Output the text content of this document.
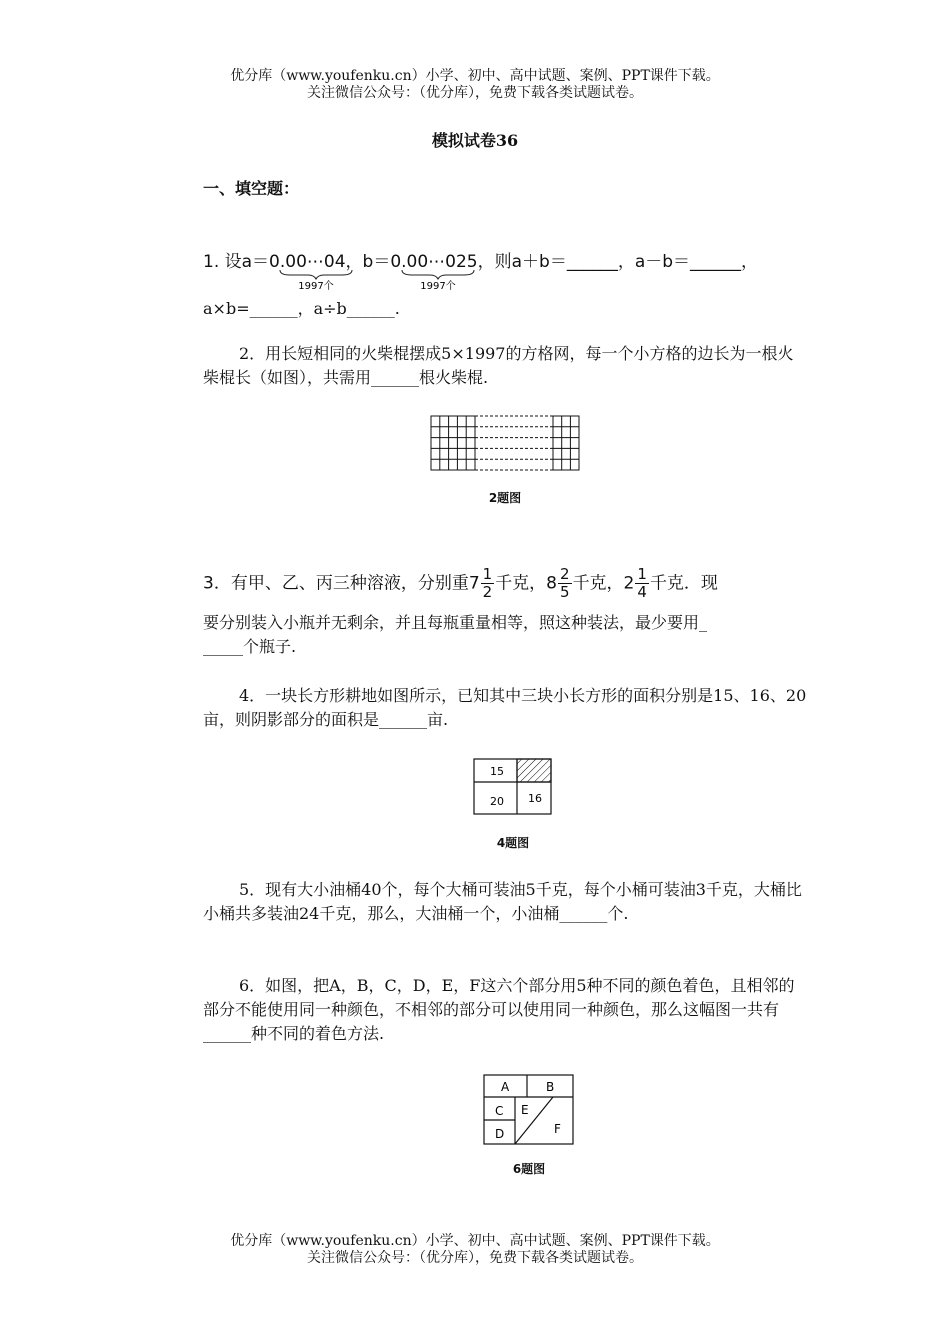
优分库（www.youfenku.cn）小学、初中、高中试题、案例、PPT课件下载。
关注微信公众号：（优分库），免费下载各类试题试卷。
模拟试卷36
一、填空题：
1. 设a＝0.00⋯04，b＝0.00⋯025，则a＋b＝______，a－b＝______，
1997个	1997个
a×b=______，a÷b______.
2．用长短相同的火柴棍摆成5×1997的方格网，每一个小方格的边长为一根火柴棍长（如图），共需用______根火柴棍.
2题图
3．有甲、乙、丙三种溶液，分别重$7 \frac{1}{2}$ 千克，$8 \frac{2}{5}$ 千克，$2 \frac{1}{4}$ 千克．现
要分别装入小瓶并无剩余，并且每瓶重量相等，照这种装法，最少要用_
_____个瓶子.
4．一块长方形耕地如图所示，已知其中三块小长方形的面积分别是15、16、20亩，则阴影部分的面积是______亩.
15
20 16
4题图
5．现有大小油桶40个，每个大桶可装油5千克，每个小桶可装油3千克，大桶比小桶共多装油24千克，那么，大油桶一个，小油桶______个.
6．如图，把A，B，C，D，E，F这六个部分用5种不同的颜色着色，且相邻的部分不能使用同一种颜色，不相邻的部分可以使用同一种颜色，那么这幅图一共有______种不同的着色方法.
A	B
C
D
E
F
6题图
优分库（www.youfenku.cn）小学、初中、高中试题、案例、PPT课件下载。
关注微信公众号：（优分库），免费下载各类试题试卷。
